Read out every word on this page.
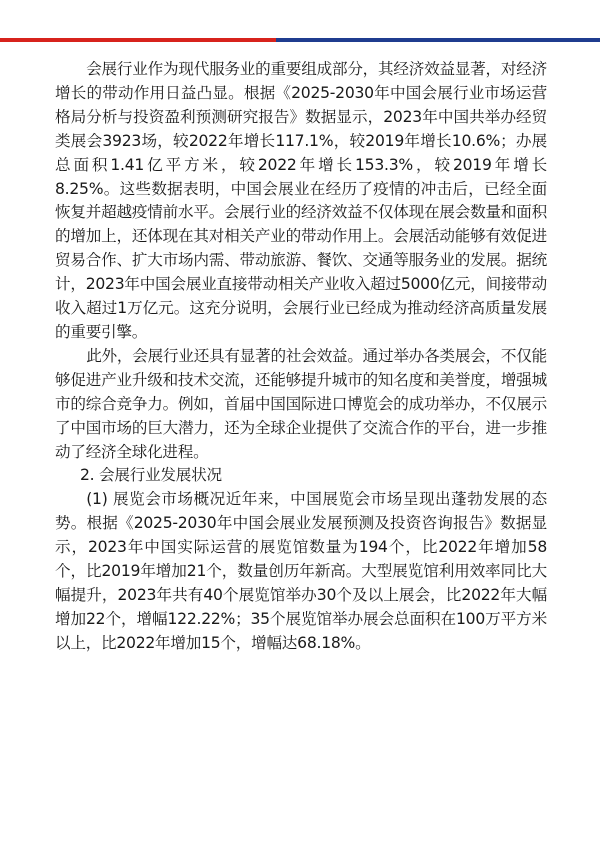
会展行业作为现代服务业的重要组成部分，其经济效益显著，对经济增长的带动作用日益凸显。根据《2025-2030年中国会展行业市场运营格局分析与投资盈利预测研究报告》数据显示，2023年中国共举办经贸类展会3923场，较2022年增长117.1%，较2019年增长10.6%；办展总面积1.41亿平方米，较2022年增长153.3%，较2019年增长8.25%。这些数据表明，中国会展业在经历了疫情的冲击后，已经全面恢复并超越疫情前水平。会展行业的经济效益不仅体现在展会数量和面积的增加上，还体现在其对相关产业的带动作用上。会展活动能够有效促进贸易合作、扩大市场内需、带动旅游、餐饮、交通等服务业的发展。据统计，2023年中国会展业直接带动相关产业收入超过5000亿元，间接带动收入超过1万亿元。这充分说明，会展行业已经成为推动经济高质量发展的重要引擎。

此外，会展行业还具有显著的社会效益。通过举办各类展会，不仅能够促进产业升级和技术交流，还能够提升城市的知名度和美誉度，增强城市的综合竞争力。例如，首届中国国际进口博览会的成功举办，不仅展示了中国市场的巨大潜力，还为全球企业提供了交流合作的平台，进一步推动了经济全球化进程。

2. 会展行业发展状况

(1) 展览会市场概况近年来，中国展览会市场呈现出蓬勃发展的态势。根据《2025-2030年中国会展业发展预测及投资咨询报告》数据显示，2023年中国实际运营的展览馆数量为194个，比2022年增加58个，比2019年增加21个，数量创历年新高。大型展览馆利用效率同比大幅提升，2023年共有40个展览馆举办30个及以上展会，比2022年大幅增加22个，增幅122.22%；35个展览馆举办展会总面积在100万平方米以上，比2022年增加15个，增幅达68.18%。
